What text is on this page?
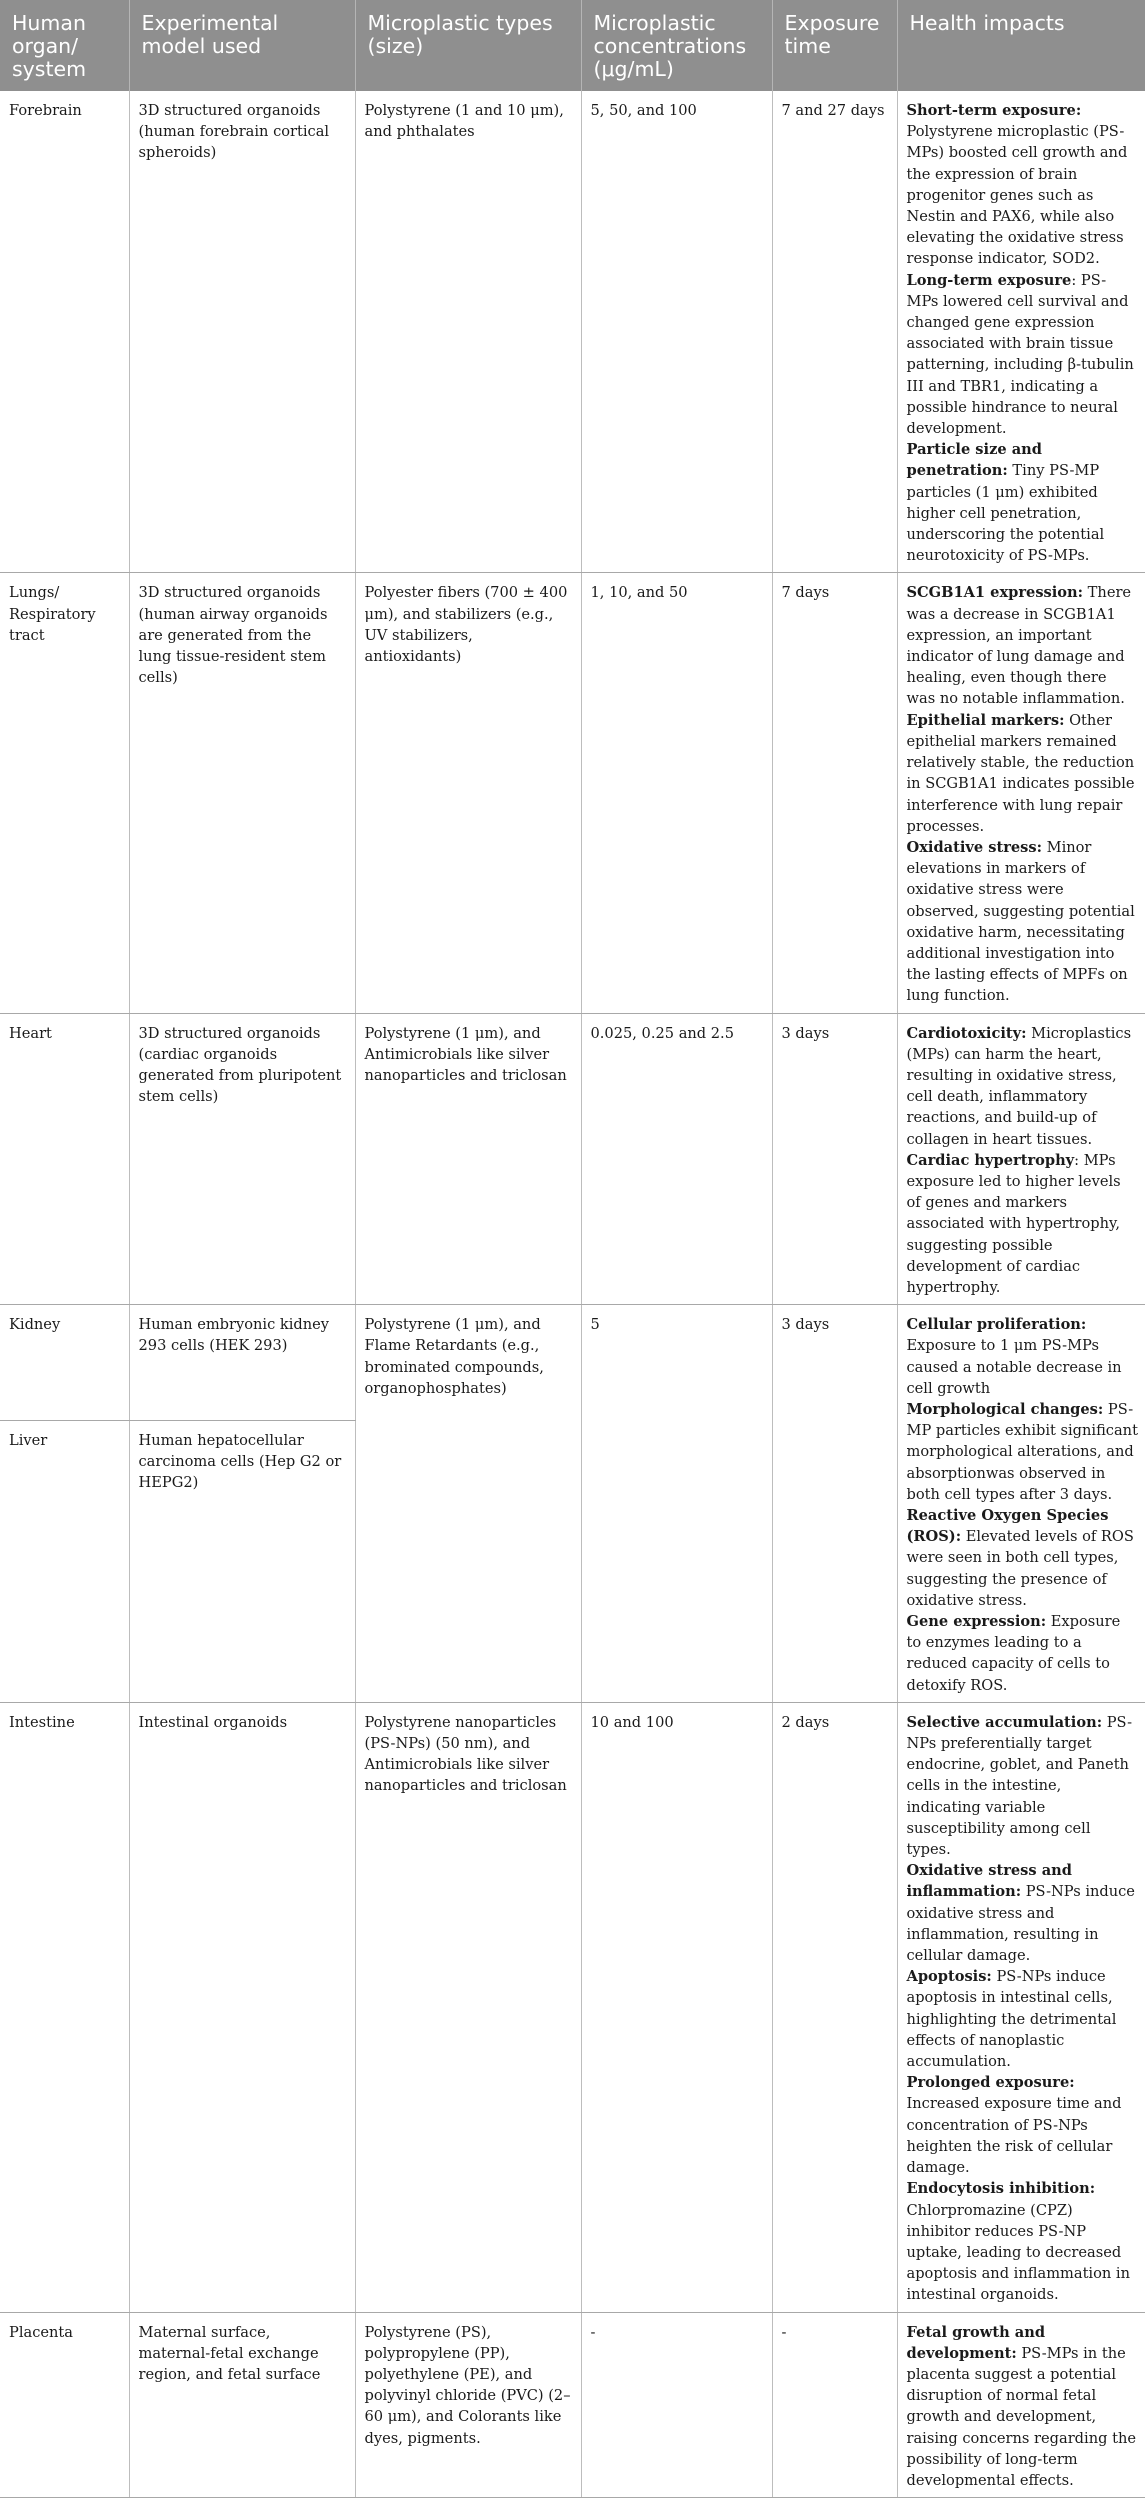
Human organ/ system	Experimental model used	Microplastic types (size)	Microplastic concentrations (μg/mL)	Exposure time	Health impacts
Forebrain	3D structured organoids (human forebrain cortical spheroids)	Polystyrene (1 and 10 μm), and phthalates	5, 50, and 100	7 and 27 days	Short-term exposure: Polystyrene microplastic (PS-MPs) boosted cell growth and the expression of brain progenitor genes such as Nestin and PAX6, while also elevating the oxidative stress response indicator, SOD2.

Long-term exposure: PS-MPs lowered cell survival and changed gene expression associated with brain tissue patterning, including β-tubulin III and TBR1, indicating a possible hindrance to neural development.

Particle size and penetration: Tiny PS-MP particles (1 μm) exhibited higher cell penetration, underscoring the potential neurotoxicity of PS-MPs.

Lungs/ Respiratory tract	3D structured organoids (human airway organoids are generated from the lung tissue-resident stem cells)	Polyester fibers (700 ± 400 μm), and stabilizers (e.g., UV stabilizers, antioxidants)	1, 10, and 50	7 days	SCGB1A1 expression: There was a decrease in SCGB1A1 expression, an important indicator of lung damage and healing, even though there was no notable inflammation.

Epithelial markers: Other epithelial markers remained relatively stable, the reduction in SCGB1A1 indicates possible interference with lung repair processes.

Oxidative stress: Minor elevations in markers of oxidative stress were observed, suggesting potential oxidative harm, necessitating additional investigation into the lasting effects of MPFs on lung function.

Heart	3D structured organoids (cardiac organoids generated from pluripotent stem cells)	Polystyrene (1 μm), and Antimicrobials like silver nanoparticles and triclosan	0.025, 0.25 and 2.5	3 days	Cardiotoxicity: Microplastics (MPs) can harm the heart, resulting in oxidative stress, cell death, inflammatory reactions, and build-up of collagen in heart tissues.

Cardiac hypertrophy: MPs exposure led to higher levels of genes and markers associated with hypertrophy, suggesting possible development of cardiac hypertrophy.

Kidney	Human embryonic kidney 293 cells (HEK 293)	Polystyrene (1 μm), and Flame Retardants (e.g., brominated compounds, organophosphates)	5	3 days	Cellular proliferation: Exposure to 1 μm PS-MPs caused a notable decrease in cell growth

Morphological changes: PS-MP particles exhibit significant morphological alterations, and absorptionwas observed in both cell types after 3 days.

Reactive Oxygen Species (ROS): Elevated levels of ROS were seen in both cell types, suggesting the presence of oxidative stress.

Gene expression: Exposure to enzymes leading to a reduced capacity of cells to detoxify ROS.

Liver	Human hepatocellular carcinoma cells (Hep G2 or HEPG2)				
Intestine	Intestinal organoids	Polystyrene nanoparticles (PS-NPs) (50 nm), and Antimicrobials like silver nanoparticles and triclosan	10 and 100	2 days	Selective accumulation: PS-NPs preferentially target endocrine, goblet, and Paneth cells in the intestine, indicating variable susceptibility among cell types.

Oxidative stress and inflammation: PS-NPs induce oxidative stress and inflammation, resulting in cellular damage.

Apoptosis: PS-NPs induce apoptosis in intestinal cells, highlighting the detrimental effects of nanoplastic accumulation.

Prolonged exposure: Increased exposure time and concentration of PS-NPs heighten the risk of cellular damage.

Endocytosis inhibition: Chlorpromazine (CPZ) inhibitor reduces PS-NP uptake, leading to decreased apoptosis and inflammation in intestinal organoids.

Placenta	Maternal surface, maternal-fetal exchange region, and fetal surface	Polystyrene (PS), polypropylene (PP), polyethylene (PE), and polyvinyl chloride (PVC) (2–60 μm), and Colorants like dyes, pigments.	-	-	Fetal growth and development: PS-MPs in the placenta suggest a potential disruption of normal fetal growth and development, raising concerns regarding the possibility of long-term developmental effects.
